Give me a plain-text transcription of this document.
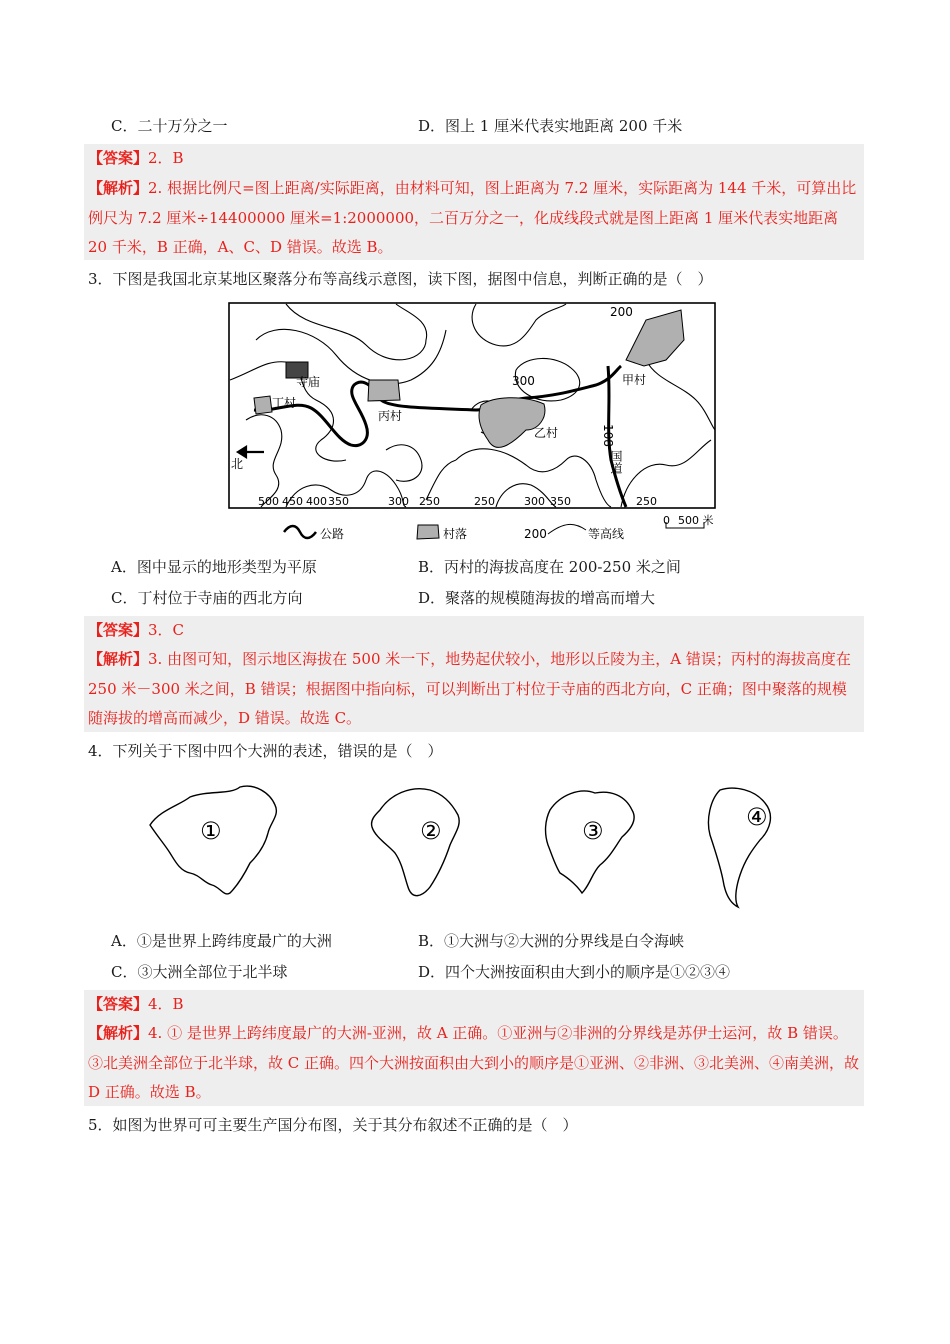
C．二十万分之一	D．图上 1 厘米代表实地距离 200 千米
【答案】2．B
【解析】2. 根据比例尺=图上距离/实际距离，由材料可知，图上距离为 7.2 厘米，实际距离为 144 千米，可算出比例尺为 7.2 厘米÷14400000 厘米=1:2000000，二百万分之一，化成线段式就是图上距离 1 厘米代表实地距离 20 千米，B 正确，A、C、D 错误。故选 B。
3．下图是我国北京某地区聚落分布等高线示意图，读下图，据图中信息，判断正确的是（　）
寺庙
丁村
丙村
乙村
甲村
300
200
108
国道
北
500 450 400 350	300 250	250	300 350	250
公路	村落	200	等高线
0 500 米
A．图中显示的地形类型为平原	B．丙村的海拔高度在 200-250 米之间
C．丁村位于寺庙的西北方向	D．聚落的规模随海拔的增高而增大
【答案】3．C
【解析】3. 由图可知，图示地区海拔在 500 米一下，地势起伏较小，地形以丘陵为主，A 错误；丙村的海拔高度在 250 米－300 米之间，B 错误；根据图中指向标，可以判断出丁村位于寺庙的西北方向，C 正确；图中聚落的规模随海拔的增高而减少，D 错误。故选 C。
4．下列关于下图中四个大洲的表述，错误的是（　）
①	②	③	④
A．①是世界上跨纬度最广的大洲	B．①大洲与②大洲的分界线是白令海峡
C．③大洲全部位于北半球	D．四个大洲按面积由大到小的顺序是①②③④
【答案】4．B
【解析】4. ① 是世界上跨纬度最广的大洲-亚洲，故 A 正确。①亚洲与②非洲的分界线是苏伊士运河，故 B 错误。③北美洲全部位于北半球，故 C 正确。四个大洲按面积由大到小的顺序是①亚洲、②非洲、③北美洲、④南美洲，故 D 正确。故选 B。
5．如图为世界可可主要生产国分布图，关于其分布叙述不正确的是（　）
